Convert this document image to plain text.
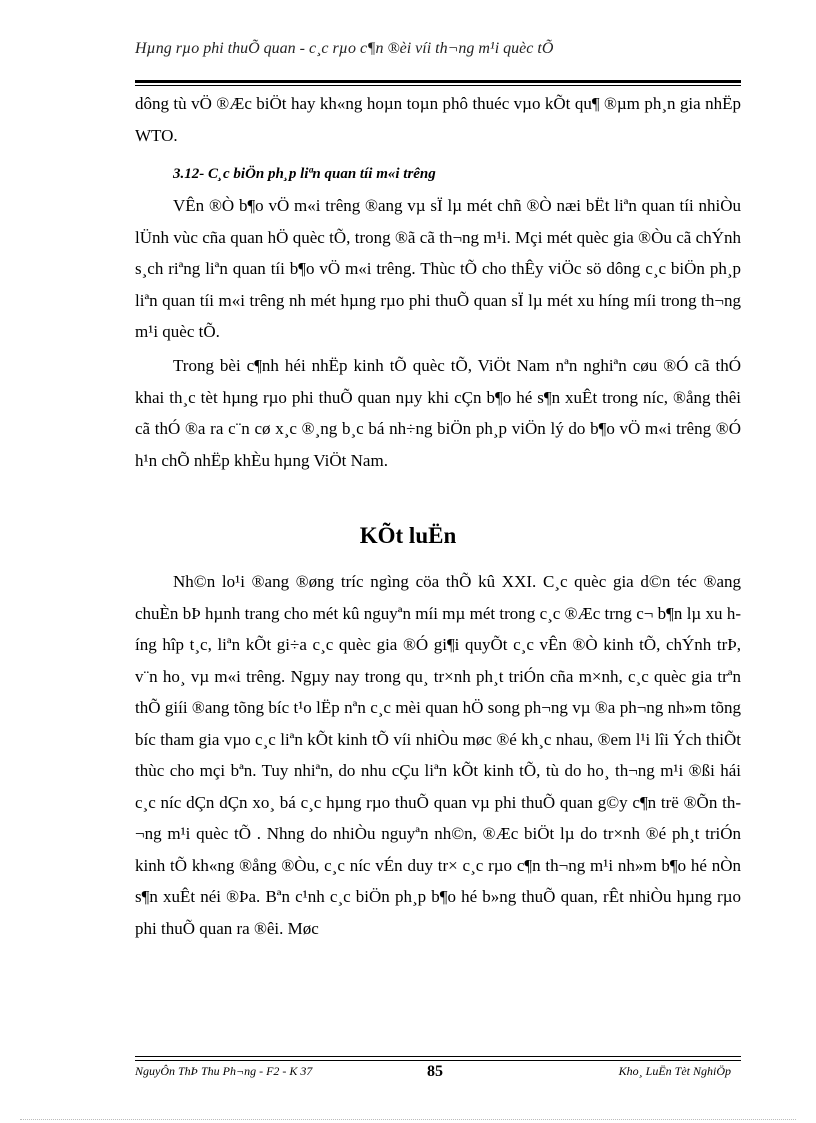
Hµng rµo phi thuÕ quan - c¸c rµo c¶n ®èi víi th¬ng m¹i quèc tÕ

dông tù vÖ ®Æc biÖt hay kh«ng hoµn toµn phô thuéc vµo kÕt qu¶ ®µm ph¸n gia nhËp WTO.

3.12- C¸c biÖn ph¸p liªn quan tíi m«i trêng

VÊn ®Ò b¶o vÖ m«i trêng ®ang vµ sÏ lµ mét chñ ®Ò næi bËt liªn quan tíi nhiÒu lÜnh vùc cña quan hÖ quèc tÕ, trong ®ã cã th¬ng m¹i. Mçi mét quèc gia ®Òu cã chÝnh s¸ch riªng liªn quan tíi b¶o vÖ m«i trêng. Thùc tÕ cho thÊy viÖc sö dông c¸c biÖn ph¸p liªn quan tíi m«i trêng nh mét hµng rµo phi thuÕ quan sÏ lµ mét xu híng míi trong th¬ng m¹i quèc tÕ.

Trong bèi c¶nh héi nhËp kinh tÕ quèc tÕ, ViÖt Nam nªn nghiªn cøu ®Ó cã thÓ khai th¸c tèt hµng rµo phi thuÕ quan nµy khi cÇn b¶o hé s¶n xuÊt trong níc, ®ång thêi cã thÓ ®a ra c¨n cø x¸c ®¸ng b¸c bá nh÷ng biÖn ph¸p viÖn lý do b¶o vÖ m«i trêng ®Ó h¹n chÕ nhËp khÈu hµng ViÖt Nam.

KÕt luËn

Nh©n lo¹i ®ang ®øng tríc ngìng cöa thÕ kû XXI. C¸c quèc gia d©n téc ®ang chuÈn bÞ hµnh trang cho mét kû nguyªn míi mµ mét trong c¸c ®Æc trng c¬ b¶n lµ xu híng hîp t¸c, liªn kÕt gi÷a c¸c quèc gia ®Ó gi¶i quyÕt c¸c vÊn ®Ò kinh tÕ, chÝnh trÞ, v¨n ho¸ vµ m«i trêng. Ngµy nay trong qu¸ tr×nh ph¸t triÓn cña m×nh, c¸c quèc gia trªn thÕ giíi ®ang tõng bíc t¹o lËp nªn c¸c mèi quan hÖ song ph¬ng vµ ®a ph¬ng nh»m tõng bíc tham gia vµo c¸c liªn kÕt kinh tÕ víi nhiÒu møc ®é kh¸c nhau, ®em l¹i lîi Ých thiÕt thùc cho mçi bªn. Tuy nhiªn, do nhu cÇu liªn kÕt kinh tÕ, tù do ho¸ th¬ng m¹i ®ßi hái c¸c níc dÇn dÇn xo¸ bá c¸c hµng rµo thuÕ quan vµ phi thuÕ quan g©y c¶n trë ®Õn th¬ng m¹i quèc tÕ . Nhng do nhiÒu nguyªn nh©n, ®Æc biÖt lµ do tr×nh ®é ph¸t triÓn kinh tÕ kh«ng ®ång ®Òu, c¸c níc vÉn duy tr× c¸c rµo c¶n th¬ng m¹i nh»m b¶o hé nÒn s¶n xuÊt néi ®Þa. Bªn c¹nh c¸c biÖn ph¸p b¶o hé b»ng thuÕ quan, rÊt nhiÒu hµng rµo phi thuÕ quan ra ®êi. Møc

NguyÔn ThÞ Thu Ph¬ng - F2 - K 37	85	Kho¸ LuËn Tèt NghiÖp
